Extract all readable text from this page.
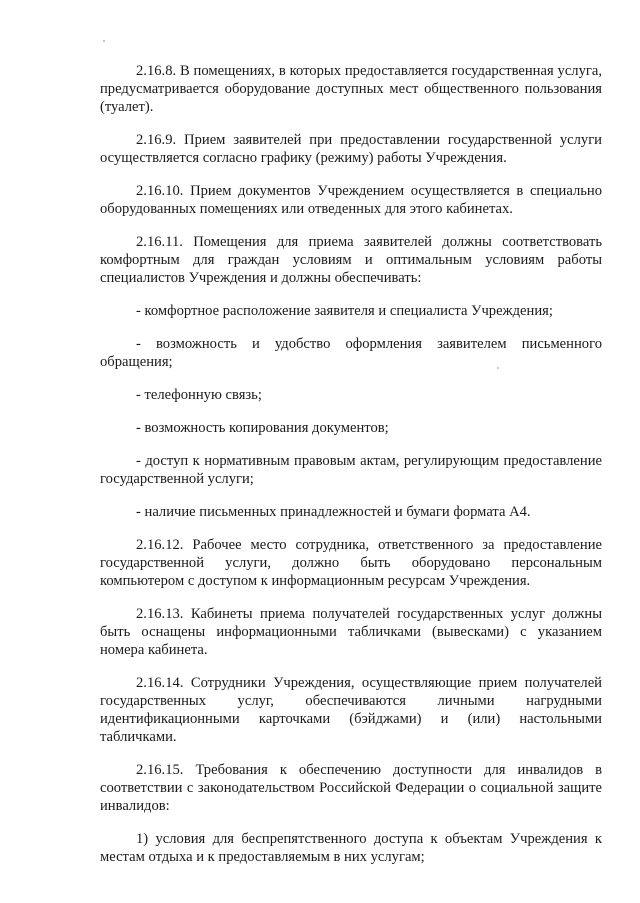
2.16.8. В помещениях, в которых предоставляется государственная услуга, предусматривается оборудование доступных мест общественного пользования (туалет).

2.16.9. Прием заявителей при предоставлении государственной услуги осуществляется согласно графику (режиму) работы Учреждения.

2.16.10. Прием документов Учреждением осуществляется в специально оборудованных помещениях или отведенных для этого кабинетах.

2.16.11. Помещения для приема заявителей должны соответствовать комфортным для граждан условиям и оптимальным условиям работы специалистов Учреждения и должны обеспечивать:

- комфортное расположение заявителя и специалиста Учреждения;

- возможность и удобство оформления заявителем письменного обращения;

- телефонную связь;

- возможность копирования документов;

- доступ к нормативным правовым актам, регулирующим предоставление государственной услуги;

- наличие письменных принадлежностей и бумаги формата А4.

2.16.12. Рабочее место сотрудника, ответственного за предоставление государственной услуги, должно быть оборудовано персональным компьютером с доступом к информационным ресурсам Учреждения.

2.16.13. Кабинеты приема получателей государственных услуг должны быть оснащены информационными табличками (вывесками) с указанием номера кабинета.

2.16.14. Сотрудники Учреждения, осуществляющие прием получателей государственных услуг, обеспечиваются личными нагрудными идентификационными карточками (бэйджами) и (или) настольными табличками.

2.16.15. Требования к обеспечению доступности для инвалидов в соответствии с законодательством Российской Федерации о социальной защите инвалидов:

1) условия для беспрепятственного доступа к объектам Учреждения к местам отдыха и к предоставляемым в них услугам;
